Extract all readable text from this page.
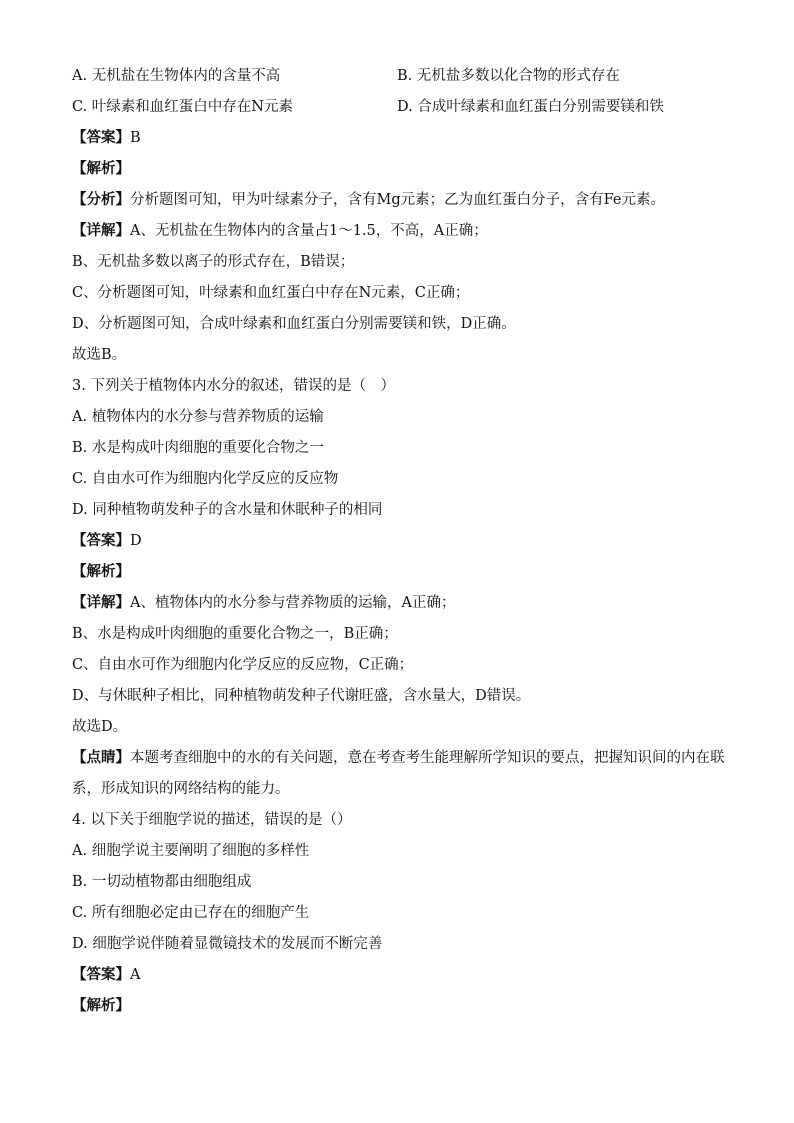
A. 无机盐在生物体内的含量不高	B. 无机盐多数以化合物的形式存在
C. 叶绿素和血红蛋白中存在N元素	D. 合成叶绿素和血红蛋白分别需要镁和铁
【答案】B
【解析】
【分析】分析题图可知，甲为叶绿素分子，含有Mg元素；乙为血红蛋白分子，含有Fe元素。
【详解】A、无机盐在生物体内的含量占1～1.5，不高，A正确；
B、无机盐多数以离子的形式存在，B错误；
C、分析题图可知，叶绿素和血红蛋白中存在N元素，C正确；
D、分析题图可知，合成叶绿素和血红蛋白分别需要镁和铁，D正确。
故选B。
3. 下列关于植物体内水分的叙述，错误的是（　）
A. 植物体内的水分参与营养物质的运输
B. 水是构成叶肉细胞的重要化合物之一
C. 自由水可作为细胞内化学反应的反应物
D. 同种植物萌发种子的含水量和休眠种子的相同
【答案】D
【解析】
【详解】A、植物体内的水分参与营养物质的运输，A正确；
B、水是构成叶肉细胞的重要化合物之一，B正确；
C、自由水可作为细胞内化学反应的反应物，C正确；
D、与休眠种子相比，同种植物萌发种子代谢旺盛，含水量大，D错误。
故选D。
【点睛】本题考查细胞中的水的有关问题，意在考查考生能理解所学知识的要点，把握知识间的内在联系，形成知识的网络结构的能力。
4. 以下关于细胞学说的描述，错误的是（）
A. 细胞学说主要阐明了细胞的多样性
B. 一切动植物都由细胞组成
C. 所有细胞必定由已存在的细胞产生
D. 细胞学说伴随着显微镜技术的发展而不断完善
【答案】A
【解析】
